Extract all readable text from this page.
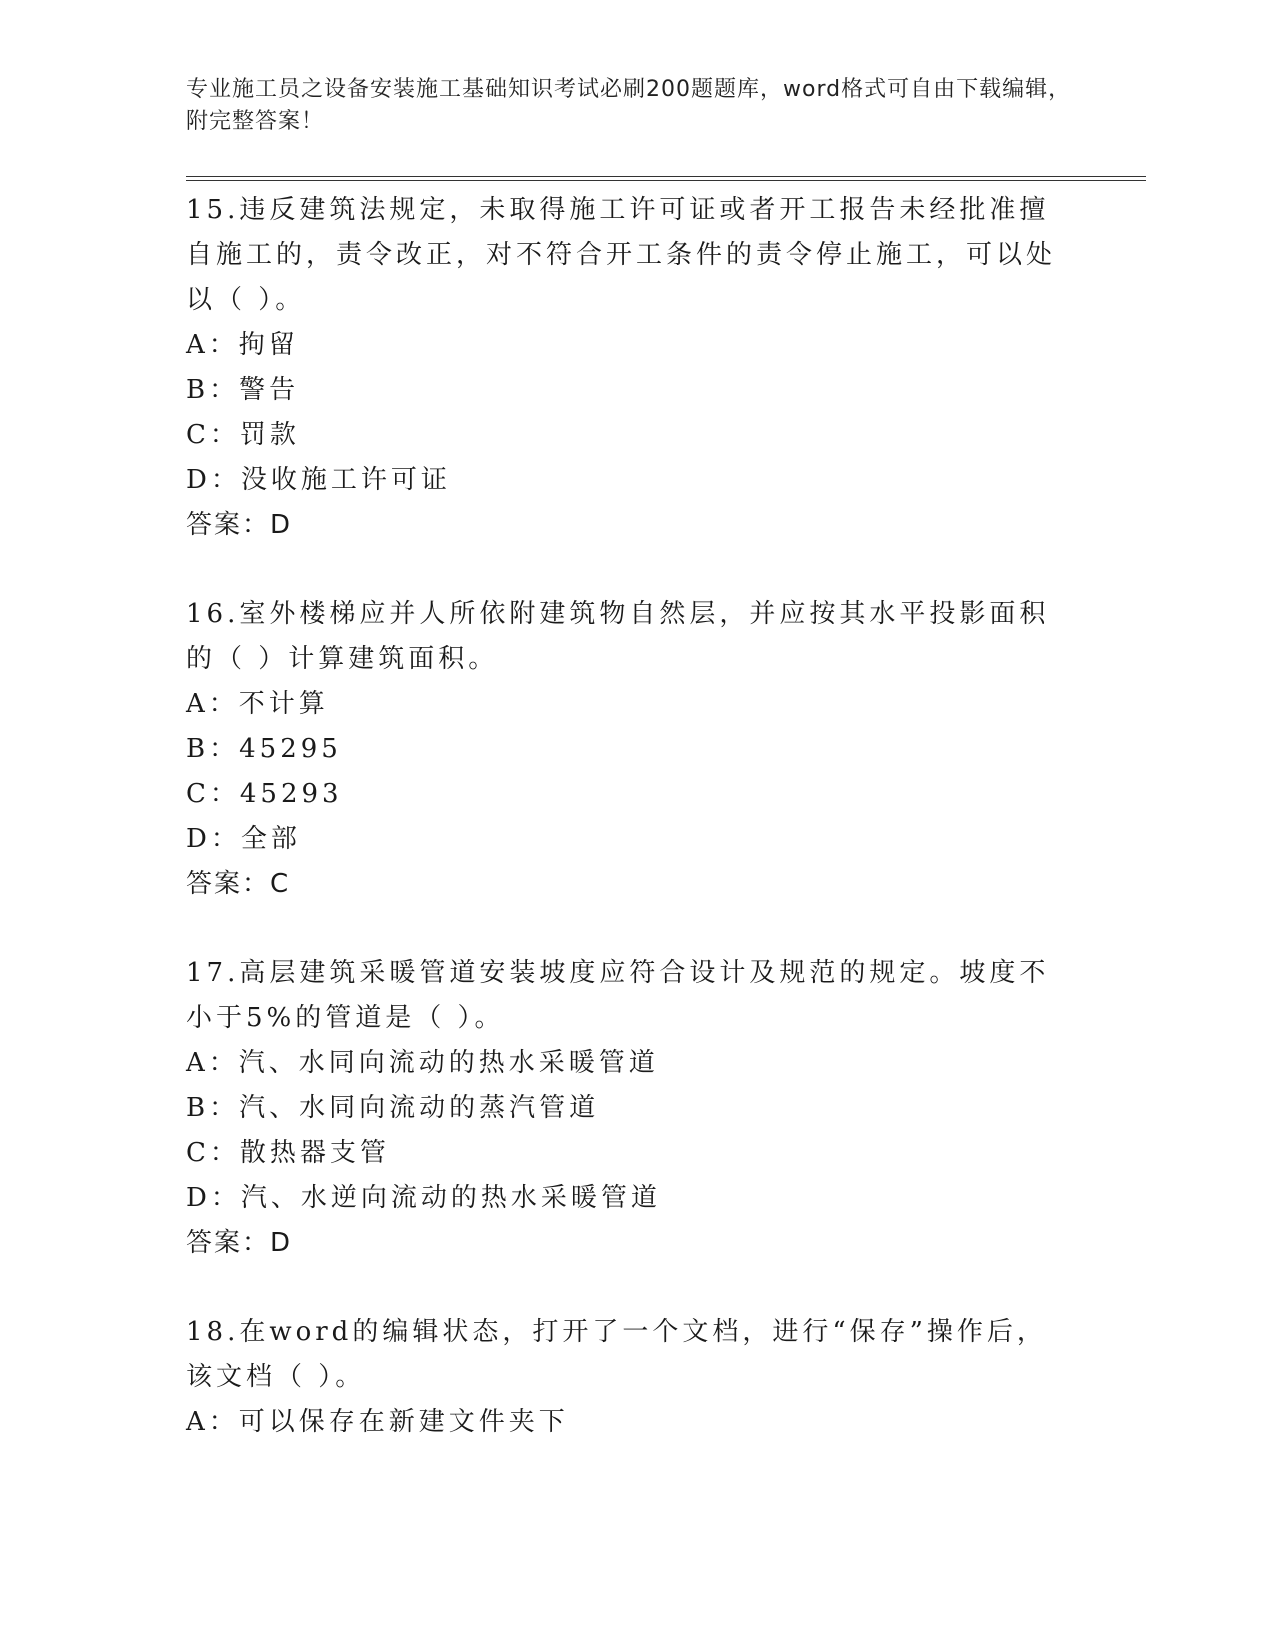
专业施工员之设备安装施工基础知识考试必刷200题题库，word格式可自由下载编辑，附完整答案！

15.违反建筑法规定，未取得施工许可证或者开工报告未经批准擅自施工的，责令改正，对不符合开工条件的责令停止施工，可以处以（ ）。

A：拘留

B：警告

C：罚款

D：没收施工许可证

答案：D

16.室外楼梯应并人所依附建筑物自然层，并应按其水平投影面积的（ ）计算建筑面积。

A：不计算

B：45295

C：45293

D：全部

答案：C

17.高层建筑采暖管道安装坡度应符合设计及规范的规定。坡度不小于5%的管道是（ ）。

A：汽、水同向流动的热水采暖管道

B：汽、水同向流动的蒸汽管道

C：散热器支管

D：汽、水逆向流动的热水采暖管道

答案：D

18.在word的编辑状态，打开了一个文档，进行“保存”操作后，该文档（ ）。

A：可以保存在新建文件夹下
